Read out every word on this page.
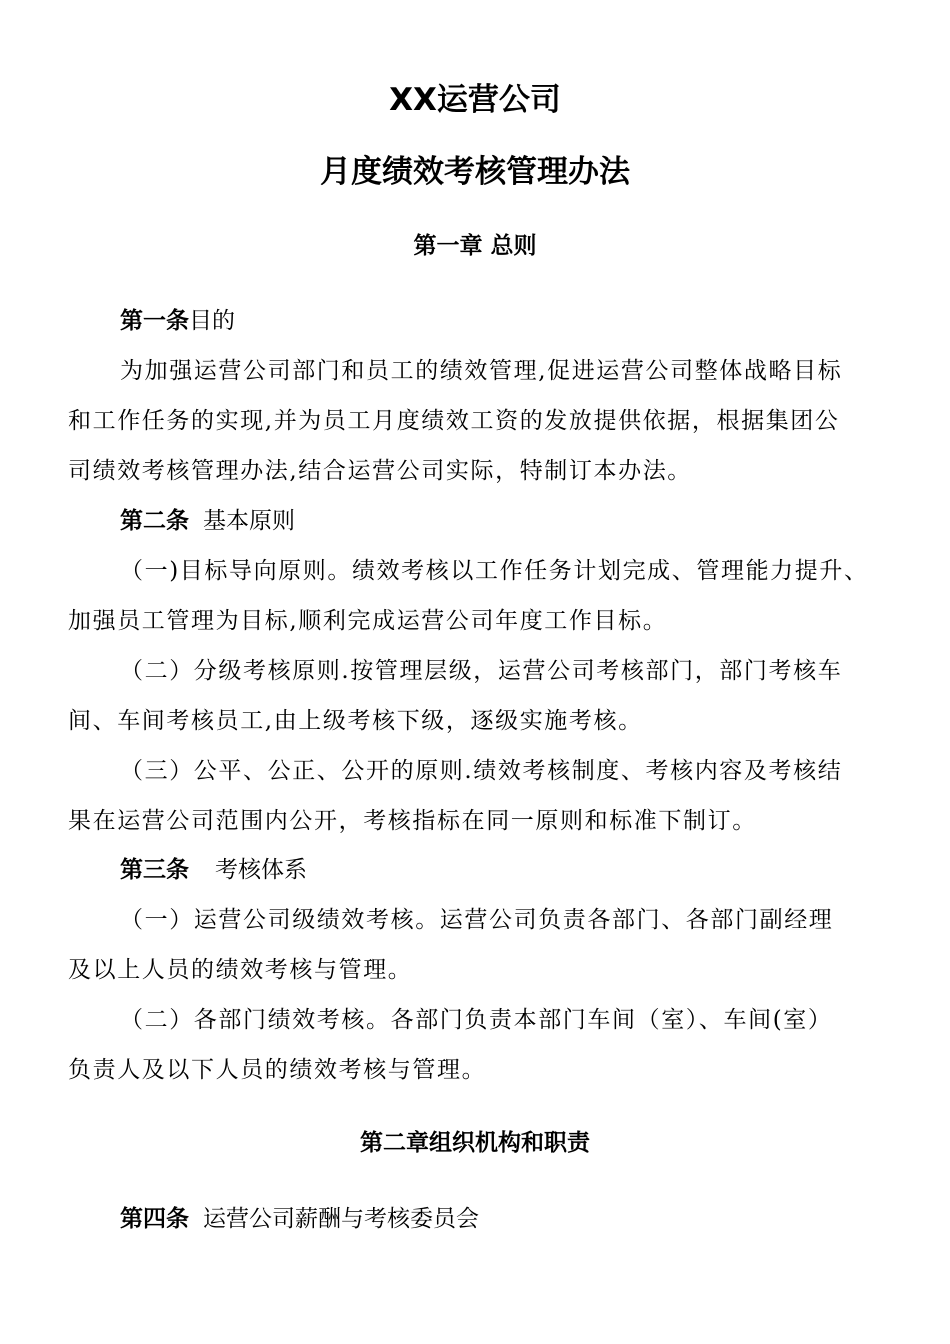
XX运营公司
月度绩效考核管理办法
第一章 总则

第一条目的

为加强运营公司部门和员工的绩效管理,促进运营公司整体战略目标
和工作任务的实现,并为员工月度绩效工资的发放提供依据，根据集团公
司绩效考核管理办法,结合运营公司实际，特制订本办法。

第二条 基本原则

（一)目标导向原则。绩效考核以工作任务计划完成、管理能力提升、
加强员工管理为目标,顺利完成运营公司年度工作目标。
（二）分级考核原则.按管理层级，运营公司考核部门，部门考核车
间、车间考核员工,由上级考核下级，逐级实施考核。
（三）公平、公正、公开的原则.绩效考核制度、考核内容及考核结
果在运营公司范围内公开，考核指标在同一原则和标准下制订。

第三条 考核体系

（一）运营公司级绩效考核。运营公司负责各部门、各部门副经理
及以上人员的绩效考核与管理。
（二）各部门绩效考核。各部门负责本部门车间（室）、车间(室）
负责人及以下人员的绩效考核与管理。
第二章组织机构和职责

第四条 运营公司薪酬与考核委员会
